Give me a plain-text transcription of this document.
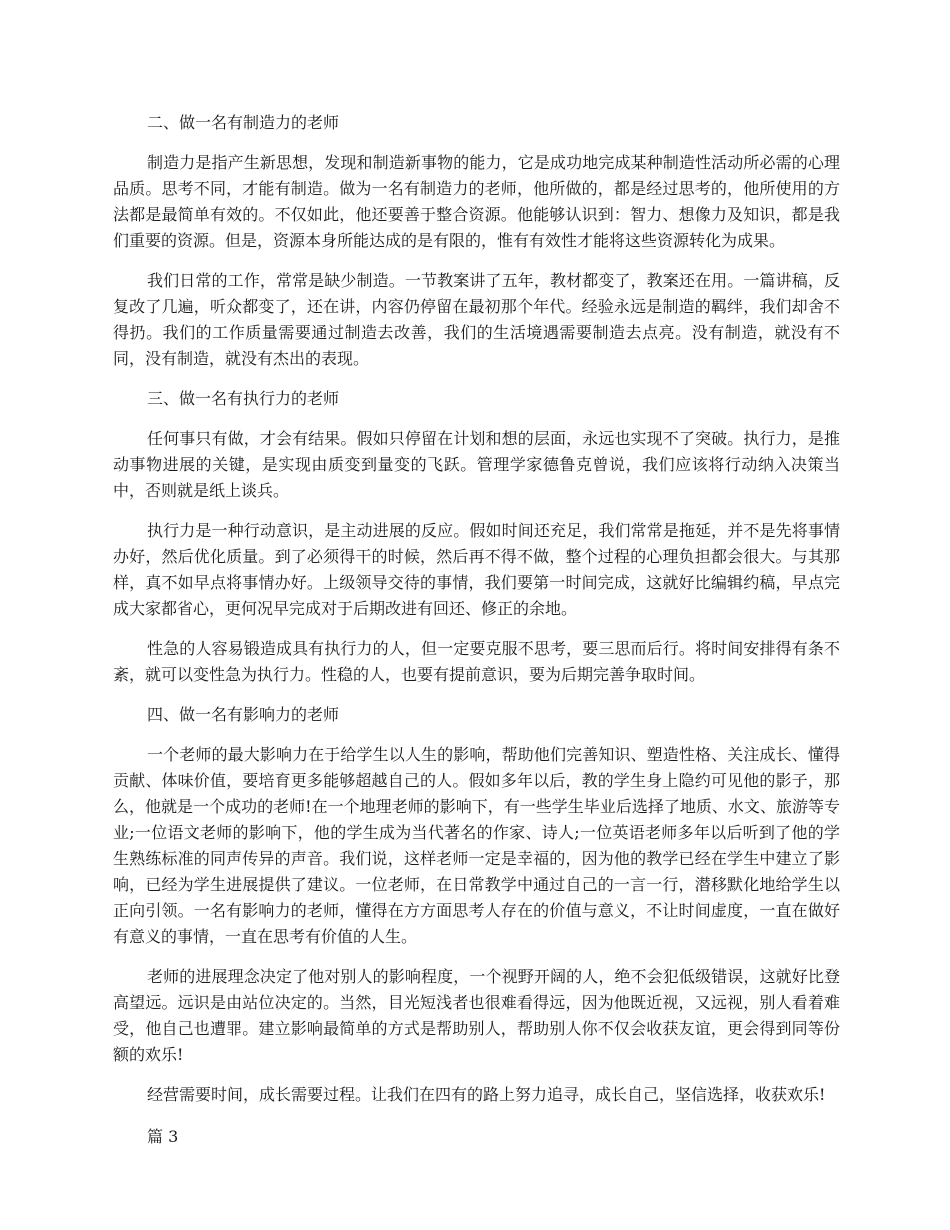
二、做一名有制造力的老师

制造力是指产生新思想，发现和制造新事物的能力，它是成功地完成某种制造性活动所必需的心理品质。思考不同，才能有制造。做为一名有制造力的老师，他所做的，都是经过思考的，他所使用的方法都是最简单有效的。不仅如此，他还要善于整合资源。他能够认识到：智力、想像力及知识，都是我们重要的资源。但是，资源本身所能达成的是有限的，惟有有效性才能将这些资源转化为成果。

我们日常的工作，常常是缺少制造。一节教案讲了五年，教材都变了，教案还在用。一篇讲稿，反复改了几遍，听众都变了，还在讲，内容仍停留在最初那个年代。经验永远是制造的羁绊，我们却舍不得扔。我们的工作质量需要通过制造去改善，我们的生活境遇需要制造去点亮。没有制造，就没有不同，没有制造，就没有杰出的表现。

三、做一名有执行力的老师

任何事只有做，才会有结果。假如只停留在计划和想的层面，永远也实现不了突破。执行力，是推动事物进展的关键，是实现由质变到量变的飞跃。管理学家德鲁克曾说，我们应该将行动纳入决策当中，否则就是纸上谈兵。

执行力是一种行动意识，是主动进展的反应。假如时间还充足，我们常常是拖延，并不是先将事情办好，然后优化质量。到了必须得干的时候，然后再不得不做，整个过程的心理负担都会很大。与其那样，真不如早点将事情办好。上级领导交待的事情，我们要第一时间完成，这就好比编辑约稿，早点完成大家都省心，更何况早完成对于后期改进有回还、修正的余地。

性急的人容易锻造成具有执行力的人，但一定要克服不思考，要三思而后行。将时间安排得有条不紊，就可以变性急为执行力。性稳的人，也要有提前意识，要为后期完善争取时间。

四、做一名有影响力的老师

一个老师的最大影响力在于给学生以人生的影响，帮助他们完善知识、塑造性格、关注成长、懂得贡献、体味价值，要培育更多能够超越自己的人。假如多年以后，教的学生身上隐约可见他的影子，那么，他就是一个成功的老师!在一个地理老师的影响下，有一些学生毕业后选择了地质、水文、旅游等专业;一位语文老师的影响下，他的学生成为当代著名的作家、诗人;一位英语老师多年以后听到了他的学生熟练标准的同声传异的声音。我们说，这样老师一定是幸福的，因为他的教学已经在学生中建立了影响，已经为学生进展提供了建议。一位老师，在日常教学中通过自己的一言一行，潜移默化地给学生以正向引领。一名有影响力的老师，懂得在方方面思考人存在的价值与意义，不让时间虚度，一直在做好有意义的事情，一直在思考有价值的人生。

老师的进展理念决定了他对别人的影响程度，一个视野开阔的人，绝不会犯低级错误，这就好比登高望远。远识是由站位决定的。当然，目光短浅者也很难看得远，因为他既近视，又远视，别人看着难受，他自己也遭罪。建立影响最简单的方式是帮助别人，帮助别人你不仅会收获友谊，更会得到同等份额的欢乐!

经营需要时间，成长需要过程。让我们在四有的路上努力追寻，成长自己，坚信选择，收获欢乐!

篇 3
